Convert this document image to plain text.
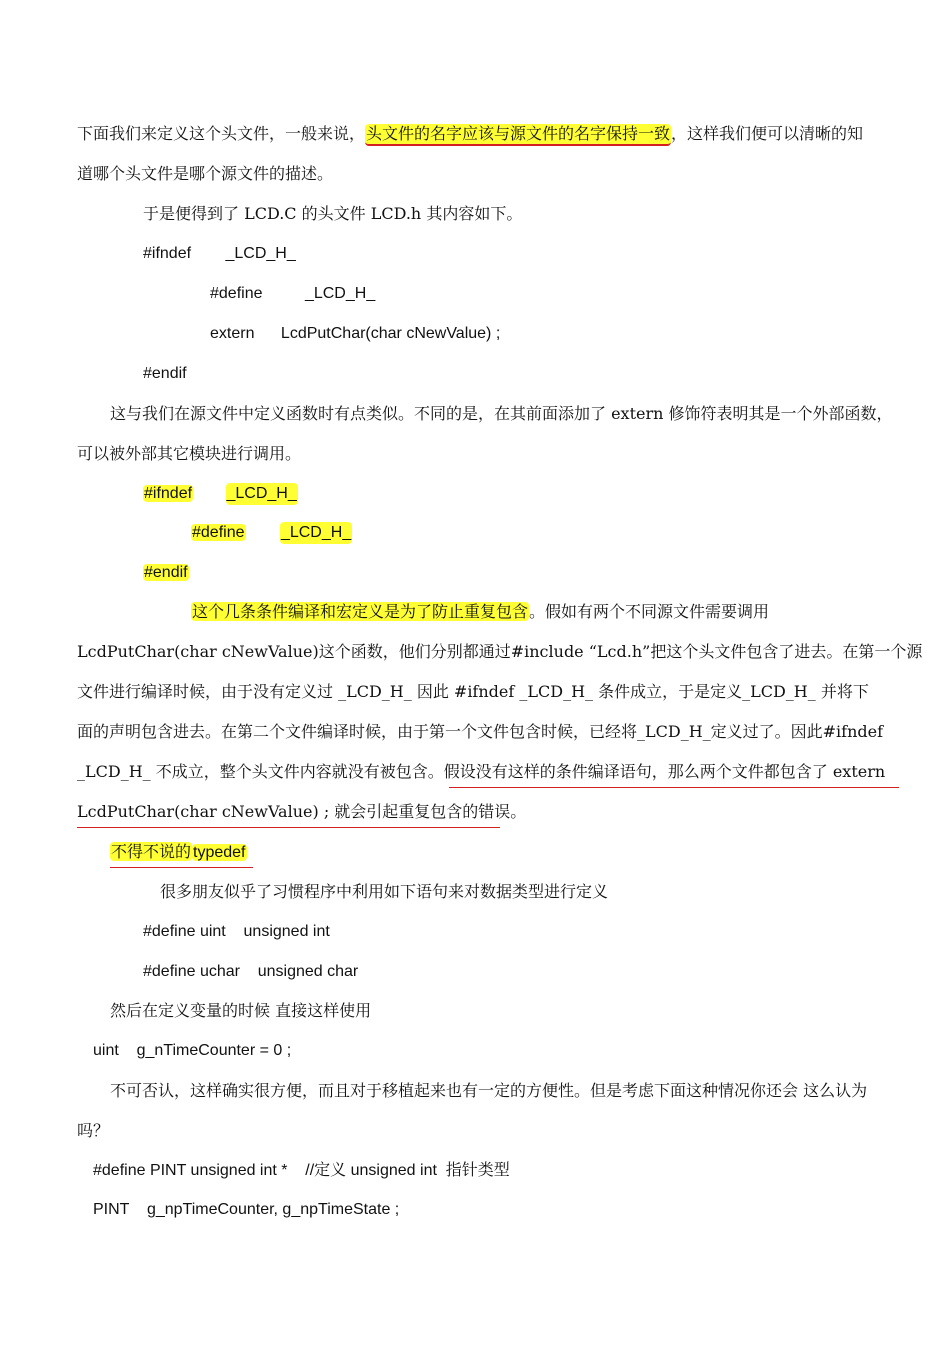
下面我们来定义这个头文件，一般来说，头文件的名字应该与源文件的名字保持一致，这样我们便可以清晰的知
道哪个头文件是哪个源文件的描述。
于是便得到了 LCD.C 的头文件 LCD.h 其内容如下。
#ifndef _LCD_H_
#define	_LCD_H_
extern LcdPutChar(char cNewValue) ;
#endif
这与我们在源文件中定义函数时有点类似。不同的是，在其前面添加了 extern 修饰符表明其是一个外部函数，
可以被外部其它模块进行调用。
#ifndef _LCD_H_
#define _LCD_H_
#endif
这个几条条件编译和宏定义是为了防止重复包含。假如有两个不同源文件需要调用
LcdPutChar(char cNewValue)这个函数，他们分别都通过#include “Lcd.h”把这个头文件包含了进去。在第一个源
文件进行编译时候，由于没有定义过 _LCD_H_ 因此 #ifndef _LCD_H_ 条件成立，于是定义_LCD_H_ 并将下
面的声明包含进去。在第二个文件编译时候，由于第一个文件包含时候，已经将_LCD_H_定义过了。因此#ifndef
_LCD_H_ 不成立，整个头文件内容就没有被包含。假设没有这样的条件编译语句，那么两个文件都包含了 extern
LcdPutChar(char cNewValue) ; 就会引起重复包含的错误。
不得不说的 typedef
很多朋友似乎了习惯程序中利用如下语句来对数据类型进行定义
#define uint    unsigned int
#define uchar    unsigned char
然后在定义变量的时候 直接这样使用
uint    g_nTimeCounter = 0 ;
不可否认，这样确实很方便，而且对于移植起来也有一定的方便性。但是考虑下面这种情况你还会 这么认为
吗？
#define PINT unsigned int *    //定义 unsigned int  指针类型
PINT    g_npTimeCounter, g_npTimeState ;
